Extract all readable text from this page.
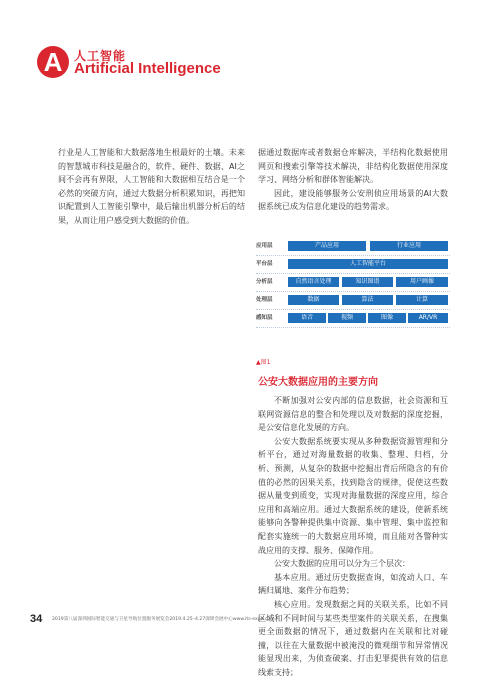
A 人工智能
Artificial Intelligence

行业是人工智能和大数据落地生根最好的土壤。未来的智慧城市科技是融合的，软件、硬件、数据、AI之间不会再有界限，人工智能和大数据相互结合是一个必然的突破方向，通过大数据分析积累知识，再把知识配置到人工智能引擎中，最后输出机器分析后的结果，从而让用户感受到大数据的价值。

据通过数据库或者数据仓库解决，半结构化数据使用网页和搜索引擎等技术解决，非结构化数据使用深度学习、网络分析和群体智能解决。

因此，建设能够服务公安刑侦应用场景的AI大数据系统已成为信息化建设的趋势需求。

应用层	产品应用	行业应用
平台层	人工智能平台
分析层	自然语言处理	知识图谱	用户画像
处理层	数据	算法	计算
感知层	语音	视频	图像	AR/VR
▲图1
公安大数据应用的主要方向

不断加强对公安内部的信息数据，社会资源和互联网资源信息的整合和处理以及对数据的深度挖掘，是公安信息化发展的方向。

公安大数据系统要实现从多种数据资源管理和分析平台，通过对海量数据的收集、整理、归档，分析、预测，从复杂的数据中挖掘出背后所隐含的有价值的必然的因果关系，找到隐含的规律，促使这些数据从量变到质变，实现对海量数据的深度应用，综合应用和高端应用。通过大数据系统的建设，使新系统能够向各警种提供集中资源、集中管理、集中监控和配套实施统一的大数据应用环境，而且能对各警种实战应用的支撑、服务、保障作用。

公安大数据的应用可以分为三个层次：

基本应用。通过历史数据查询，如流动人口、车辆归属地、案件分布趋势；

核心应用。发现数据之间的关联关系，比如不同区域和不同时间与某些类型案件的关联关系，在搜集更全面数据的情况下，通过数据内在关联和比对碰撞，以往在大量数据中被淹没的微观细节和异常情况能显现出来，为侦查破案、打击犯罪提供有效的信息线索支持；

34 2019第八届深圳国际智能交通与卫星导航位置服务展览会2019.4.25–4.27深圳会展中心www.its-expo.com
